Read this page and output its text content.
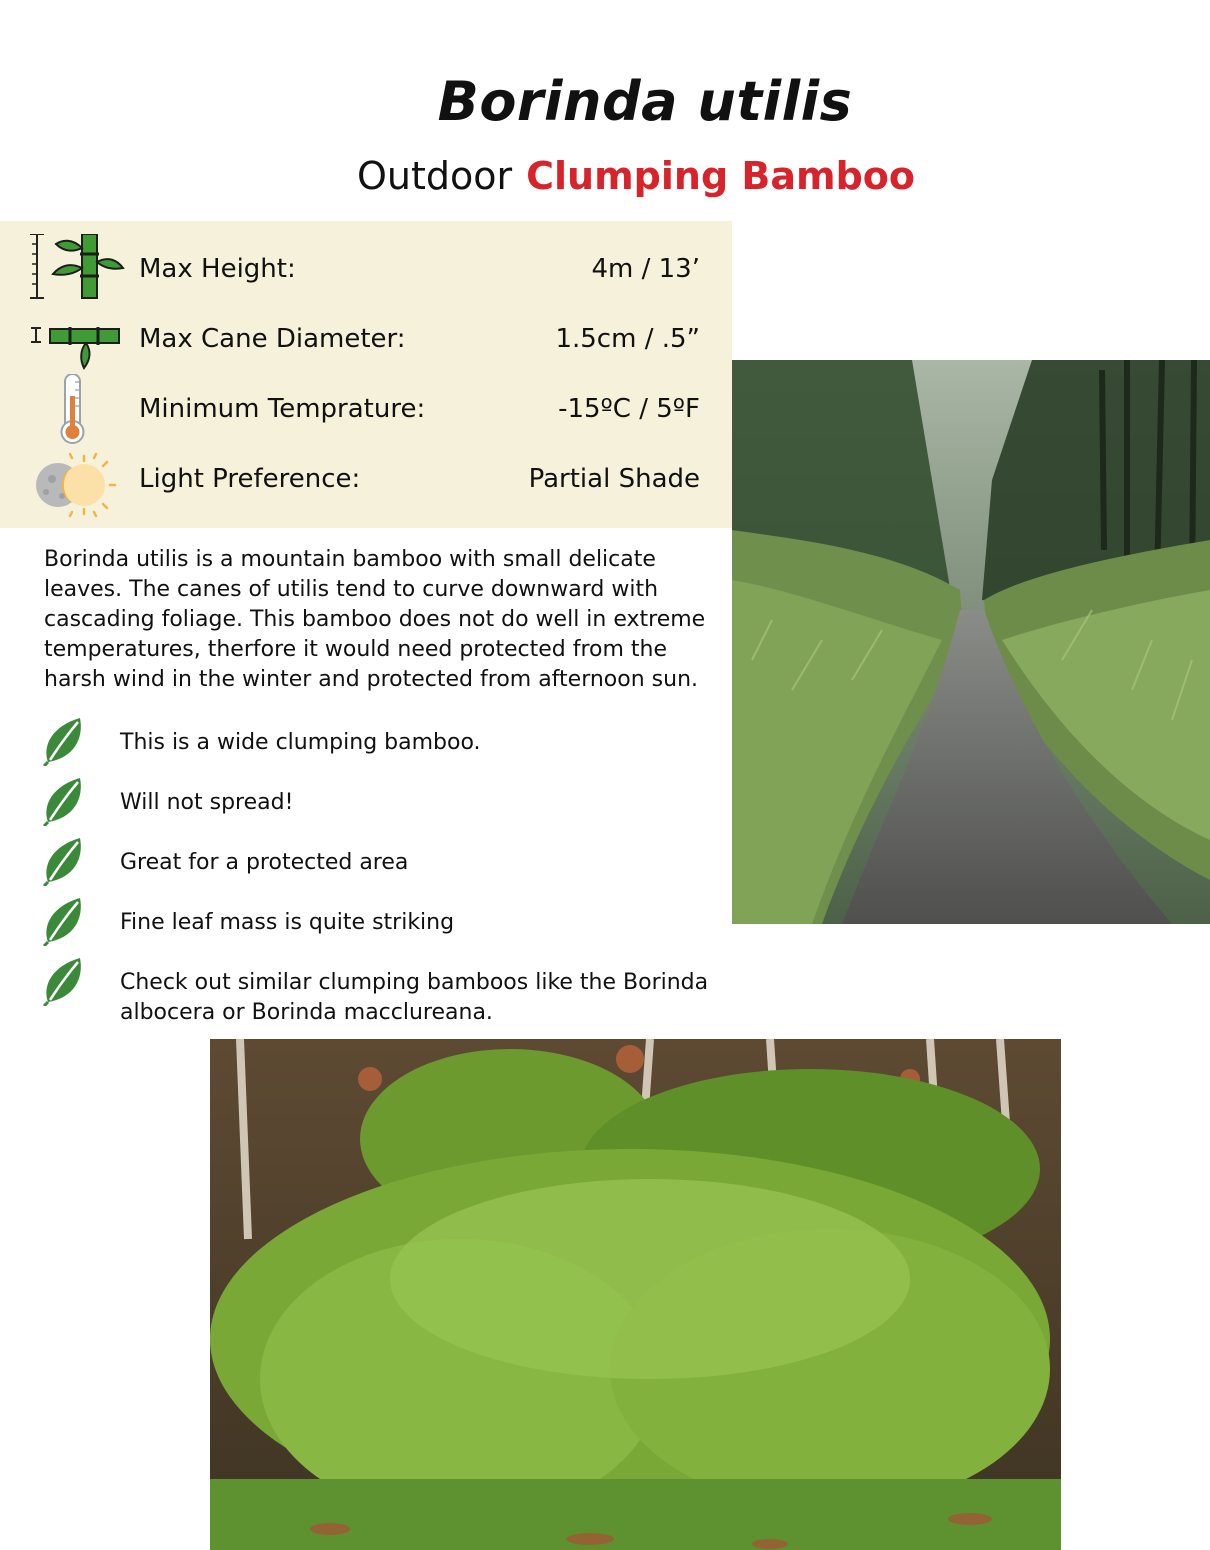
Borinda utilis
Outdoor Clumping Bamboo
Max Height:	4m / 13’
Max Cane Diameter:	1.5cm / .5”
Minimum Temprature:	-15ºC / 5ºF
Light Preference:	Partial Shade

Borinda utilis is a mountain bamboo with small delicate leaves. The canes of utilis tend to curve downward with cascading foliage. This bamboo does not do well in extreme temperatures, therfore it would need protected from the harsh wind in the winter and protected from afternoon sun.

This is a wide clumping bamboo.
Will not spread!
Great for a protected area
Fine leaf mass is quite striking
Check out similar clumping bamboos like the Borinda albocera or Borinda macclureana.
